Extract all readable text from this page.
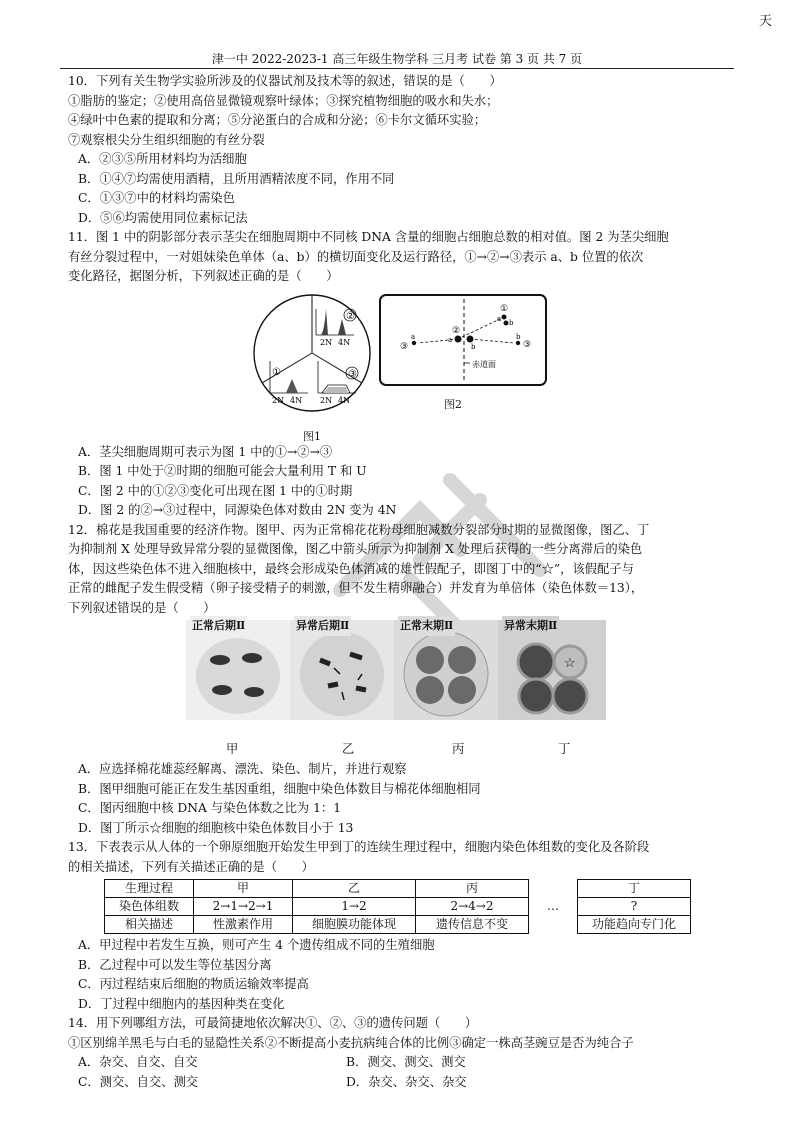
天
津一中 2022-2023-1 高三年级生物学科 三月考 试卷 第 3 页 共 7 页
10．下列有关生物学实验所涉及的仪器试剂及技术等的叙述，错误的是（　　）
①脂肪的鉴定；②使用高倍显微镜观察叶绿体；③探究植物细胞的吸水和失水；
④绿叶中色素的提取和分离；⑤分泌蛋白的合成和分泌；⑥卡尔文循环实验；
⑦观察根尖分生组织细胞的有丝分裂
A．②③⑤所用材料均为活细胞
B．①④⑦均需使用酒精，且所用酒精浓度不同，作用不同
C．①③⑦中的材料均需染色
D．⑤⑥均需使用同位素标记法
11．图 1 中的阴影部分表示茎尖在细胞周期中不同核 DNA 含量的细胞占细胞总数的相对值。图 2 为茎尖细胞
有丝分裂过程中，一对姐妹染色单体（a、b）的横切面变化及运行路径，①→②→③表示 a、b 位置的依次
变化路径，据图分析，下列叙述正确的是（　　）
2N 4N
②
2N 4N
①
2N 4N
③
图1
①
a b
②
a
b
③
a
③
b
赤道面
图2
A．茎尖细胞周期可表示为图 1 中的①→②→③
B．图 1 中处于②时期的细胞可能会大量利用 T 和 U
C．图 2 中的①②③变化可出现在图 1 中的①时期
D．图 2 的②→③过程中，同源染色体对数由 2N 变为 4N
12．棉花是我国重要的经济作物。图甲、丙为正常棉花花粉母细胞减数分裂部分时期的显微图像，图乙、丁
为抑制剂 X 处理导致异常分裂的显微图像，图乙中箭头所示为抑制剂 X 处理后获得的一些分离滞后的染色
体，因这些染色体不进入细胞核中，最终会形成染色体消减的雄性假配子，即图丁中的“☆”，该假配子与
正常的雌配子发生假受精（卵子接受精子的刺激，但不发生精卵融合）并发育为单倍体（染色体数＝13），
下列叙述错误的是（　　）
正常后期Ⅱ	异常后期Ⅱ	正常末期Ⅱ
☆
异常末期Ⅱ
甲	乙	丙	丁
A．应选择棉花雄蕊经解离、漂洗、染色、制片，并进行观察
B．图甲细胞可能正在发生基因重组，细胞中染色体数目与棉花体细胞相同
C．图丙细胞中核 DNA 与染色体数之比为 1：1
D．图丁所示☆细胞的细胞核中染色体数目小于 13
13．下表表示从人体的一个卵原细胞开始发生甲到丁的连续生理过程中，细胞内染色体组数的变化及各阶段
的相关描述，下列有关描述正确的是（　　）
生理过程	甲	乙	丙	…	丁
染色体组数	2→1→2→1	1→2	2→4→2		?
相关描述	性激素作用	细胞膜功能体现	遗传信息不变		功能趋向专门化
A．甲过程中若发生互换，则可产生 4 个遗传组成不同的生殖细胞
B．乙过程中可以发生等位基因分离
C．丙过程结束后细胞的物质运输效率提高
D．丁过程中细胞内的基因种类在变化
14．用下列哪组方法，可最简捷地依次解决①、②、③的遗传问题（　　）
①区别绵羊黑毛与白毛的显隐性关系②不断提高小麦抗病纯合体的比例③确定一株高茎豌豆是否为纯合子
A．杂交、自交、自交	B．测交、测交、测交
C．测交、自交、测交	D．杂交、杂交、杂交
